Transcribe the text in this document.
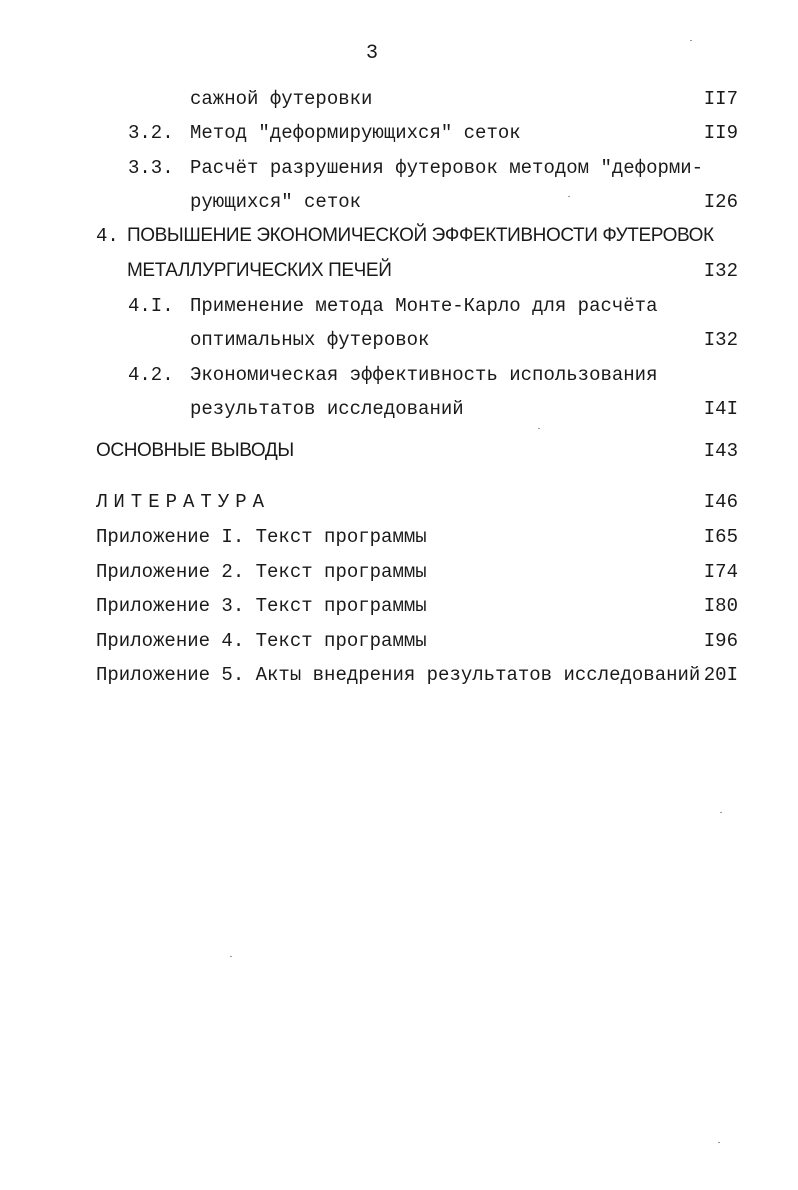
3
сажной футеровки	II7
3.2. Метод "деформирующихся" сеток	II9
3.3. Расчёт разрушения футеровок методом "деформи-
рующихся" сеток	I26
4. ПОВЫШЕНИЕ ЭКОНОМИЧЕСКОЙ ЭФФЕКТИВНОСТИ ФУТЕРОВОК
МЕТАЛЛУРГИЧЕСКИХ ПЕЧЕЙ	I32
4.I. Применение метода Монте-Карло для расчёта
оптимальных футеровок	I32
4.2. Экономическая эффективность использования
результатов исследований	I4I
ОСНОВНЫЕ ВЫВОДЫ	I43
ЛИТЕРАТУРА	I46
Приложение I. Текст программы	I65
Приложение 2. Текст программы	I74
Приложение 3. Текст программы	I80
Приложение 4. Текст программы	I96
Приложение 5. Акты внедрения результатов исследований 20I
